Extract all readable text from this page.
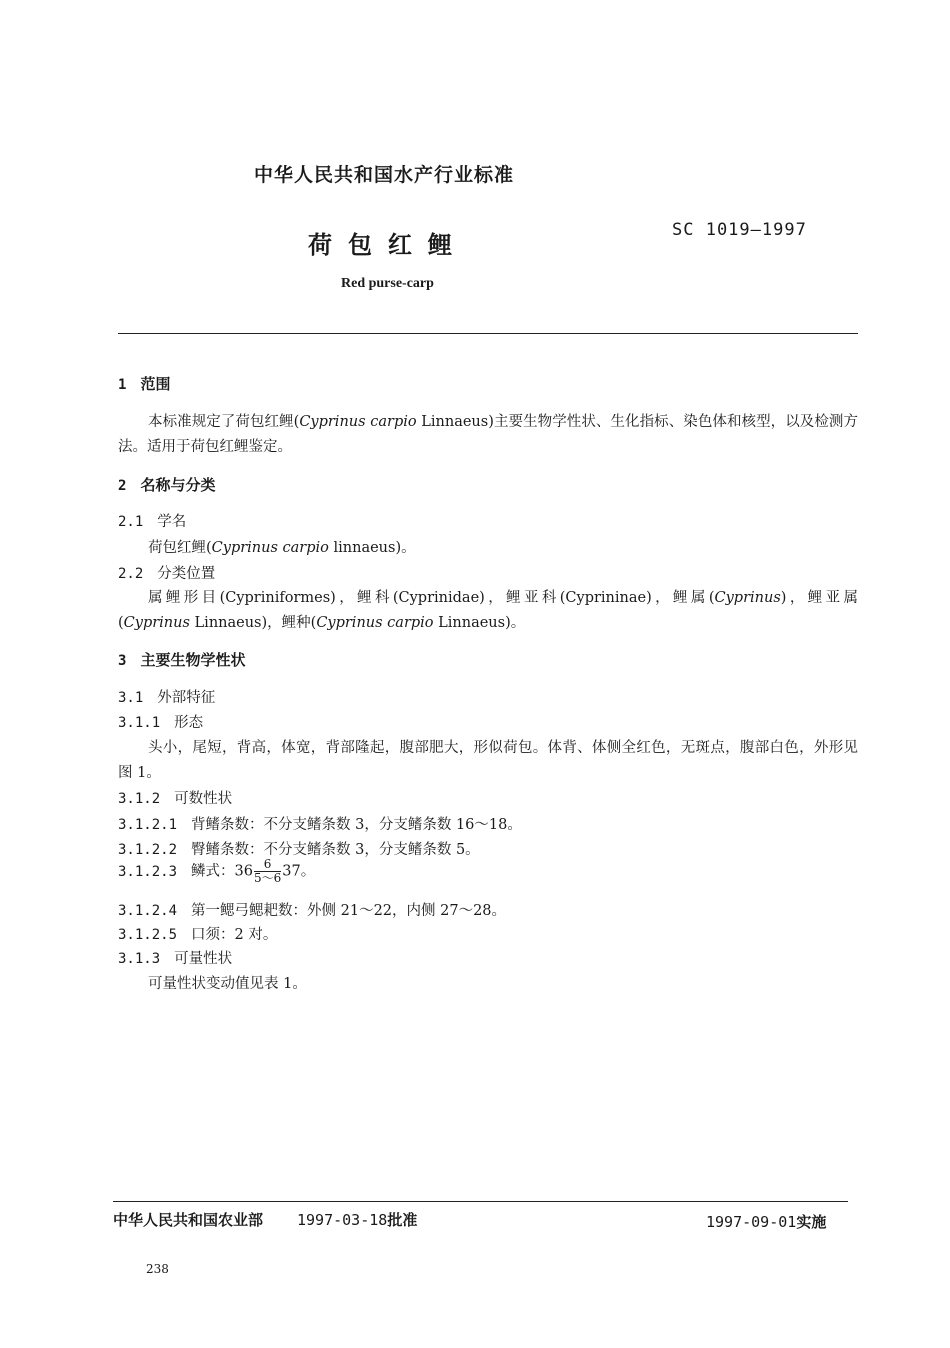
中华人民共和国水产行业标准
荷包红鲤
SC 1019—1997
Red purse-carp
1 范围
本标准规定了荷包红鲤(Cyprinus carpio Linnaeus)主要生物学性状、生化指标、染色体和核型，以及检测方法。适用于荷包红鲤鉴定。
2 名称与分类
2.1 学名
荷包红鲤(Cyprinus carpio linnaeus)。
2.2 分类位置
属鲤形目(Cypriniformes)，鲤科(Cyprinidae)，鲤亚科(Cyprininae)，鲤属(Cyprinus)，鲤亚属(Cyprinus Linnaeus)，鲤种(Cyprinus carpio Linnaeus)。
3 主要生物学性状
3.1 外部特征
3.1.1 形态
头小，尾短，背高，体宽，背部隆起，腹部肥大，形似荷包。体背、体侧全红色，无斑点，腹部白色，外形见图 1。
3.1.2 可数性状
3.1.2.1 背鳍条数：不分支鳍条数 3，分支鳍条数 16～18。
3.1.2.2 臀鳍条数：不分支鳍条数 3，分支鳍条数 5。
3.1.2.3 鳞式：$36 \frac{6}{5\sim 6} 37$。
3.1.2.4 第一鳃弓鳃耙数：外侧 21～22，内侧 27～28。
3.1.2.5 口须：2 对。
3.1.3 可量性状
可量性状变动值见表 1。
中华人民共和国农业部 1997-03-18批准	1997-09-01实施
238
